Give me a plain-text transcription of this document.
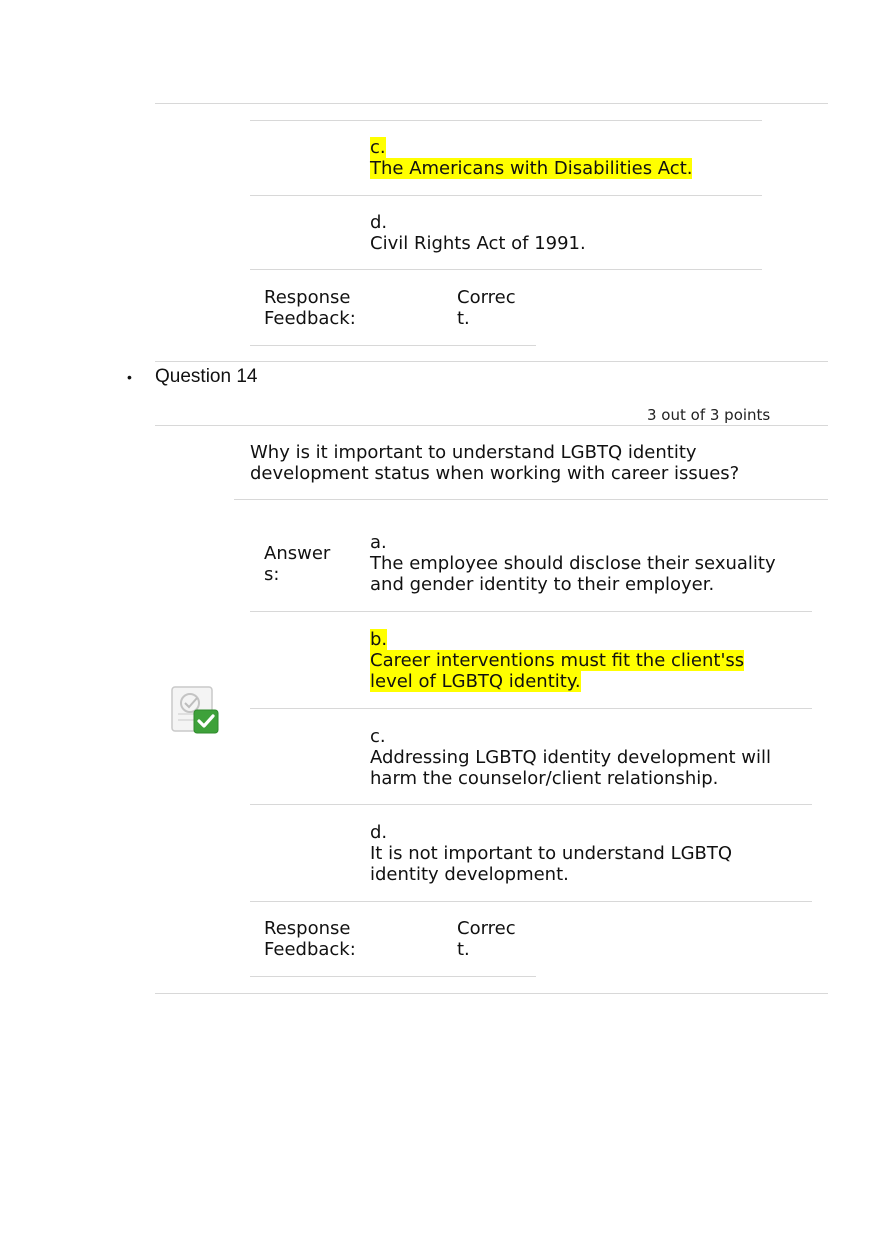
c.
The Americans with Disabilities Act.
d.
Civil Rights Act of 1991.
Response
Feedback:
Correc
t.
• Question 14
3 out of 3 points
Why is it important to understand LGBTQ identity
development status when working with career issues?
Answer
s:
a.
The employee should disclose their sexuality
and gender identity to their employer.
b.
Career interventions must fit the client'ss
level of LGBTQ identity.
c.
Addressing LGBTQ identity development will
harm the counselor/client relationship.
d.
It is not important to understand LGBTQ
identity development.
Response
Feedback:
Correc
t.
